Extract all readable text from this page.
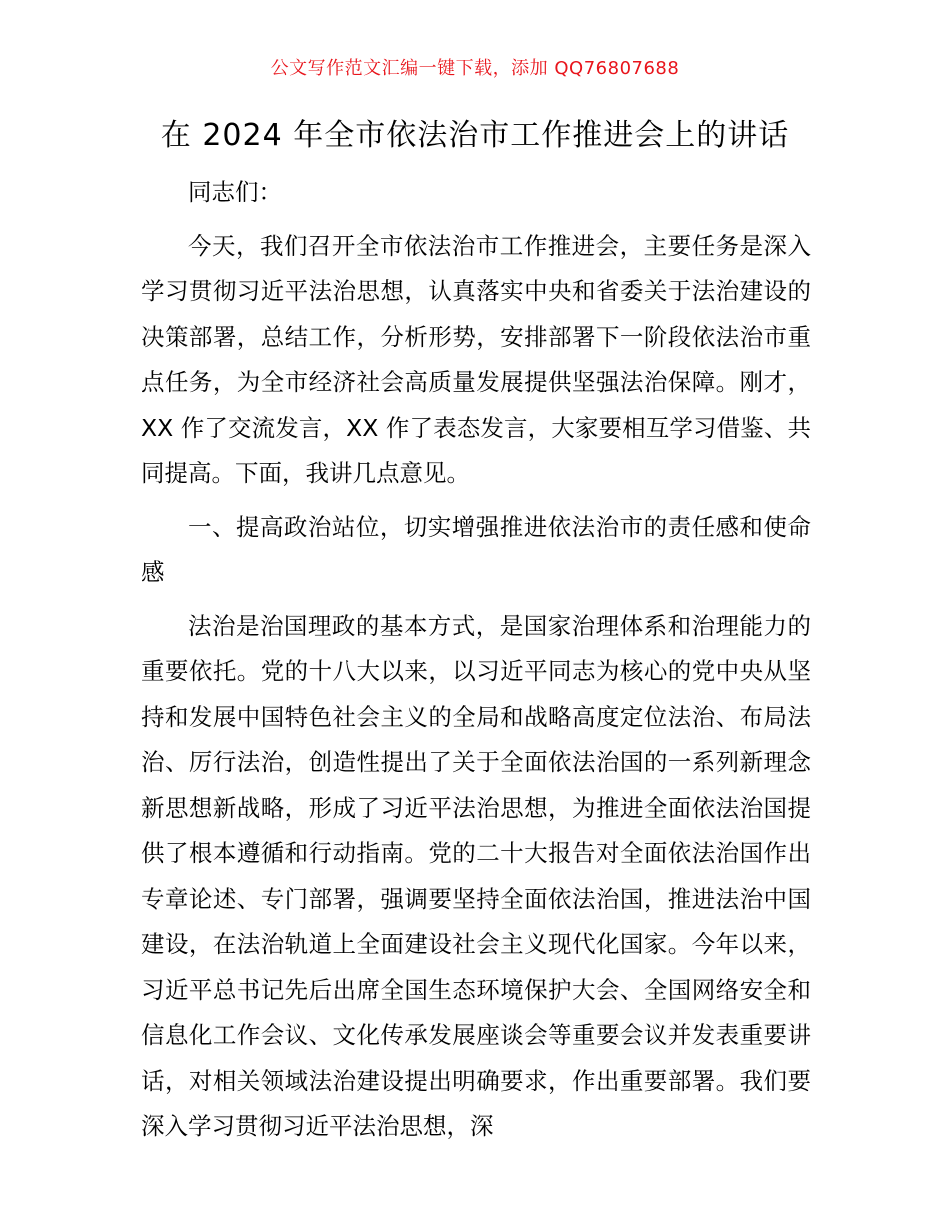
公文写作范文汇编一键下载，添加 QQ76807688
在 2024 年全市依法治市工作推进会上的讲话

同志们：

今天，我们召开全市依法治市工作推进会，主要任务是深入学习贯彻习近平法治思想，认真落实中央和省委关于法治建设的决策部署，总结工作，分析形势，安排部署下一阶段依法治市重点任务，为全市经济社会高质量发展提供坚强法治保障。刚才，XX 作了交流发言，XX 作了表态发言，大家要相互学习借鉴、共同提高。下面，我讲几点意见。

一、提高政治站位，切实增强推进依法治市的责任感和使命感

法治是治国理政的基本方式，是国家治理体系和治理能力的重要依托。党的十八大以来，以习近平同志为核心的党中央从坚持和发展中国特色社会主义的全局和战略高度定位法治、布局法治、厉行法治，创造性提出了关于全面依法治国的一系列新理念新思想新战略，形成了习近平法治思想，为推进全面依法治国提供了根本遵循和行动指南。党的二十大报告对全面依法治国作出专章论述、专门部署，强调要坚持全面依法治国，推进法治中国建设，在法治轨道上全面建设社会主义现代化国家。今年以来，习近平总书记先后出席全国生态环境保护大会、全国网络安全和信息化工作会议、文化传承发展座谈会等重要会议并发表重要讲话，对相关领域法治建设提出明确要求，作出重要部署。我们要深入学习贯彻习近平法治思想，深
